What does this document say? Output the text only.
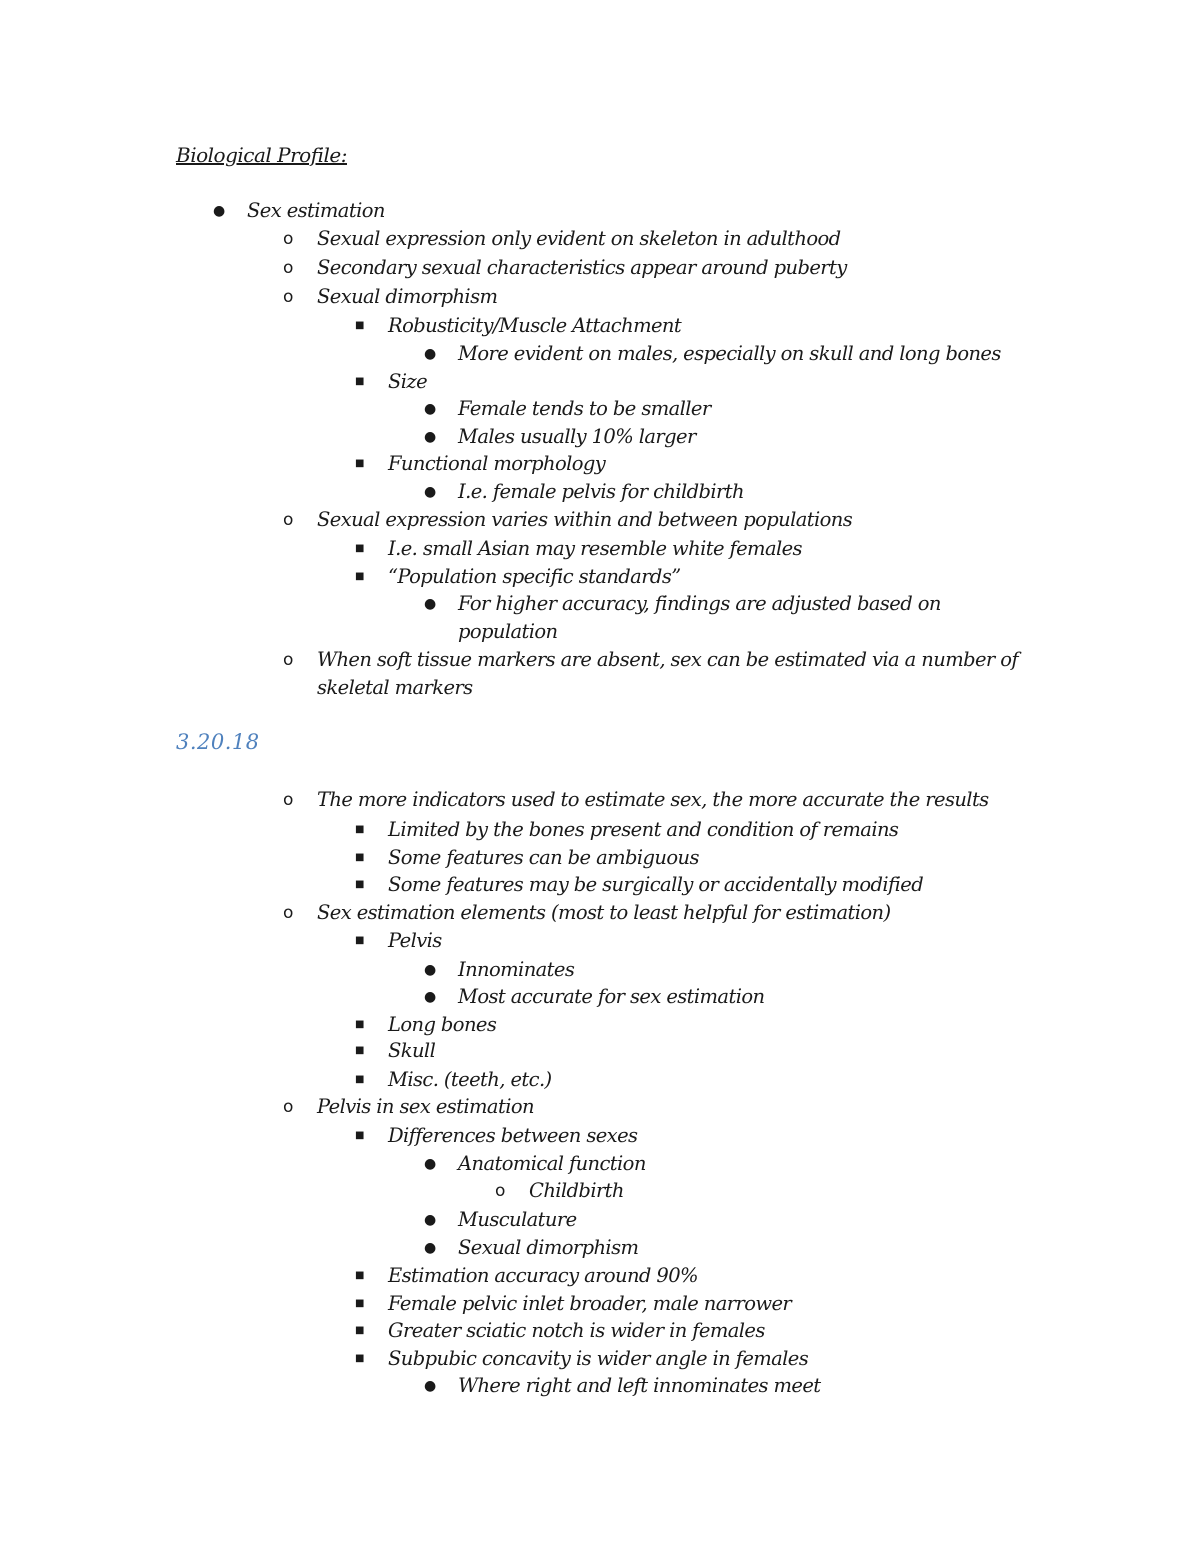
Biological Profile:
● Sex estimation
o Sexual expression only evident on skeleton in adulthood
o Secondary sexual characteristics appear around puberty
o Sexual dimorphism
■ Robusticity/Muscle Attachment
● More evident on males, especially on skull and long bones
■ Size
● Female tends to be smaller
● Males usually 10% larger
■ Functional morphology
● I.e. female pelvis for childbirth
o Sexual expression varies within and between populations
■ I.e. small Asian may resemble white females
■ “Population specific standards”
● For higher accuracy, findings are adjusted based on population
o When soft tissue markers are absent, sex can be estimated via a number of skeletal markers
3.20.18
o The more indicators used to estimate sex, the more accurate the results
■ Limited by the bones present and condition of remains
■ Some features can be ambiguous
■ Some features may be surgically or accidentally modified
o Sex estimation elements (most to least helpful for estimation)
■ Pelvis
● Innominates
● Most accurate for sex estimation
■ Long bones
■ Skull
■ Misc. (teeth, etc.)
o Pelvis in sex estimation
■ Differences between sexes
● Anatomical function
o Childbirth
● Musculature
● Sexual dimorphism
■ Estimation accuracy around 90%
■ Female pelvic inlet broader, male narrower
■ Greater sciatic notch is wider in females
■ Subpubic concavity is wider angle in females
● Where right and left innominates meet
